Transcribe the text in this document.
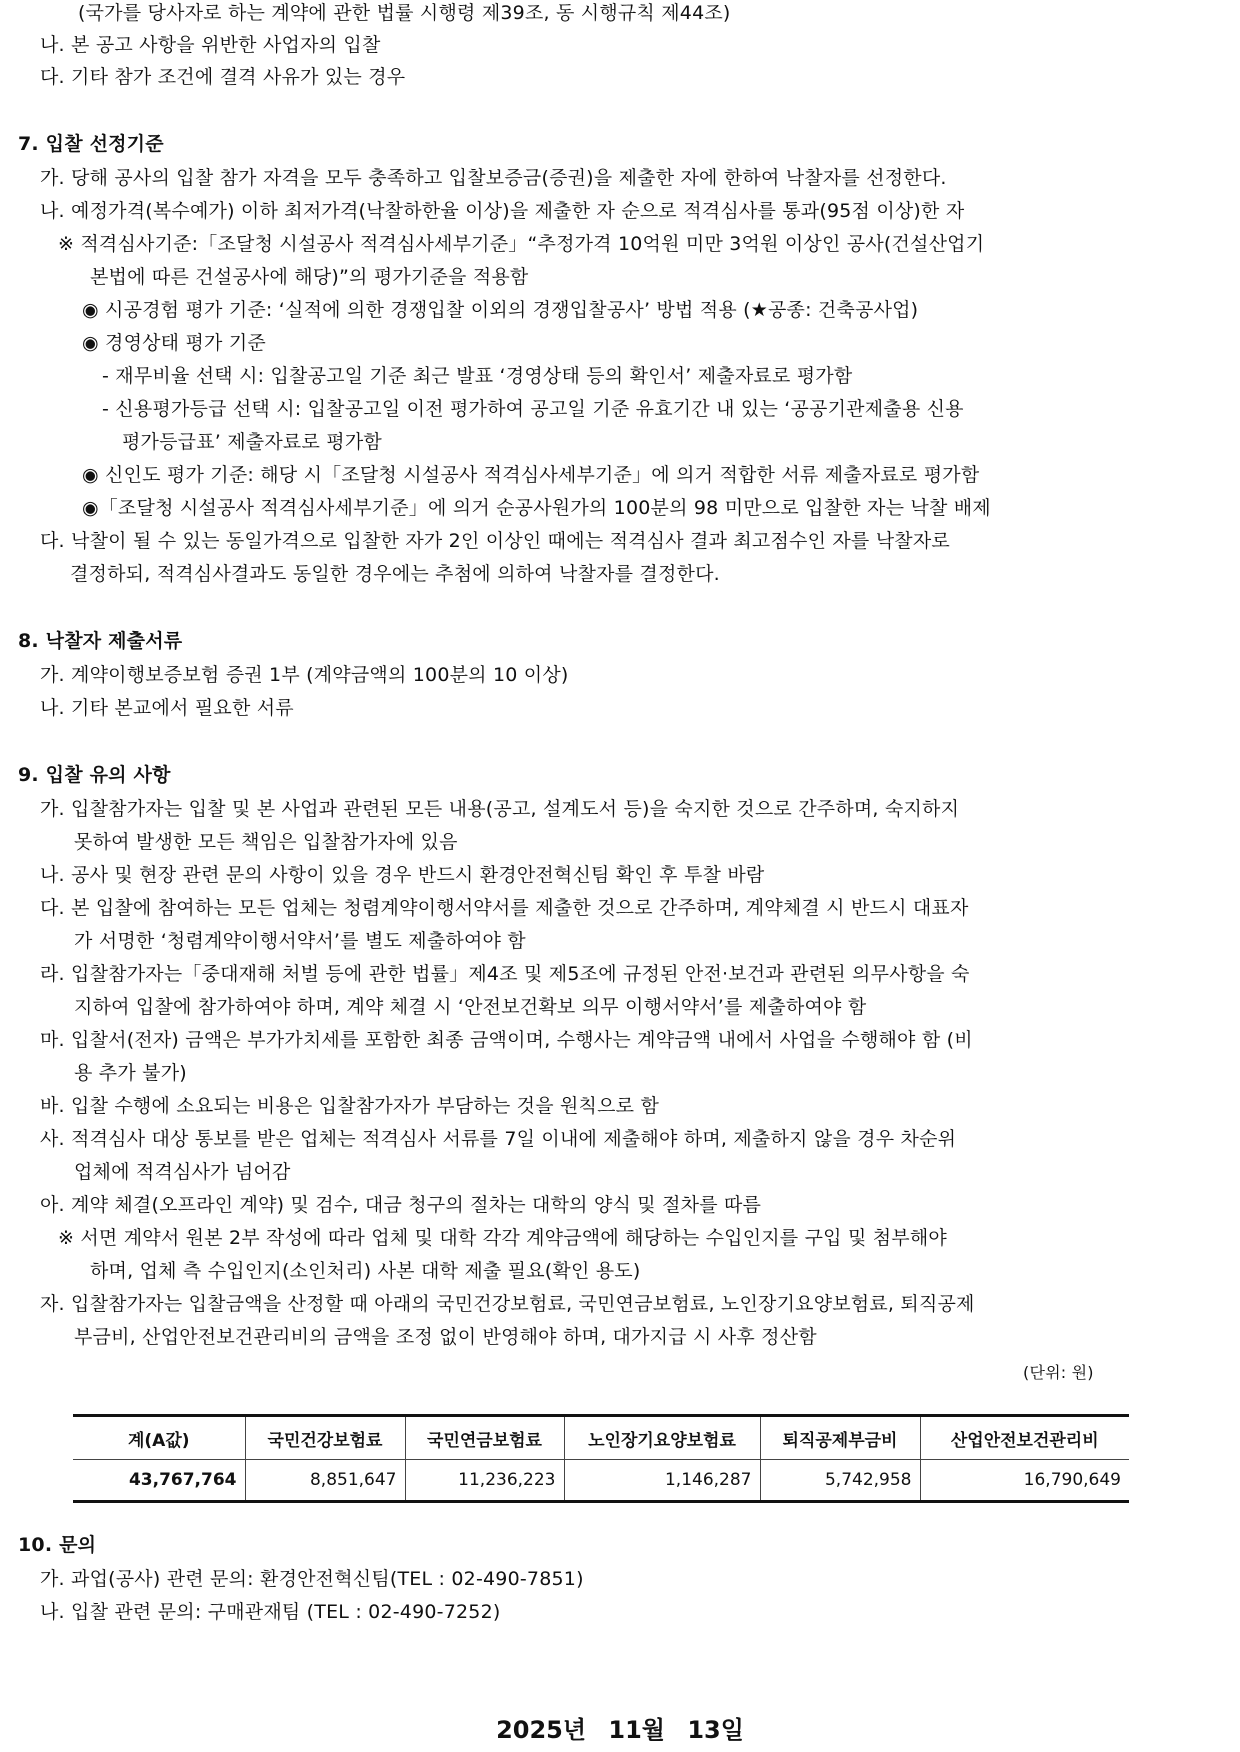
(국가를 당사자로 하는 계약에 관한 법률 시행령 제39조, 동 시행규칙 제44조)
나. 본 공고 사항을 위반한 사업자의 입찰
다. 기타 참가 조건에 결격 사유가 있는 경우
7. 입찰 선정기준
가. 당해 공사의 입찰 참가 자격을 모두 충족하고 입찰보증금(증권)을 제출한 자에 한하여 낙찰자를 선정한다.
나. 예정가격(복수예가) 이하 최저가격(낙찰하한율 이상)을 제출한 자 순으로 적격심사를 통과(95점 이상)한 자
※ 적격심사기준:「조달청 시설공사 적격심사세부기준」“추정가격 10억원 미만 3억원 이상인 공사(건설산업기
본법에 따른 건설공사에 해당)”의 평가기준을 적용함
◉ 시공경험 평가 기준: ‘실적에 의한 경쟁입찰 이외의 경쟁입찰공사’ 방법 적용 (★공종: 건축공사업)
◉ 경영상태 평가 기준
- 재무비율 선택 시: 입찰공고일 기준 최근 발표 ‘경영상태 등의 확인서’ 제출자료로 평가함
- 신용평가등급 선택 시: 입찰공고일 이전 평가하여 공고일 기준 유효기간 내 있는 ‘공공기관제출용 신용
평가등급표’ 제출자료로 평가함
◉ 신인도 평가 기준: 해당 시「조달청 시설공사 적격심사세부기준」에 의거 적합한 서류 제출자료로 평가함
◉「조달청 시설공사 적격심사세부기준」에 의거 순공사원가의 100분의 98 미만으로 입찰한 자는 낙찰 배제
다. 낙찰이 될 수 있는 동일가격으로 입찰한 자가 2인 이상인 때에는 적격심사 결과 최고점수인 자를 낙찰자로
결정하되, 적격심사결과도 동일한 경우에는 추첨에 의하여 낙찰자를 결정한다.
8. 낙찰자 제출서류
가. 계약이행보증보험 증권 1부 (계약금액의 100분의 10 이상)
나. 기타 본교에서 필요한 서류
9. 입찰 유의 사항
가. 입찰참가자는 입찰 및 본 사업과 관련된 모든 내용(공고, 설계도서 등)을 숙지한 것으로 간주하며, 숙지하지
못하여 발생한 모든 책임은 입찰참가자에 있음
나. 공사 및 현장 관련 문의 사항이 있을 경우 반드시 환경안전혁신팀 확인 후 투찰 바람
다. 본 입찰에 참여하는 모든 업체는 청렴계약이행서약서를 제출한 것으로 간주하며, 계약체결 시 반드시 대표자
가 서명한 ‘청렴계약이행서약서’를 별도 제출하여야 함
라. 입찰참가자는「중대재해 처벌 등에 관한 법률」제4조 및 제5조에 규정된 안전·보건과 관련된 의무사항을 숙
지하여 입찰에 참가하여야 하며, 계약 체결 시 ‘안전보건확보 의무 이행서약서’를 제출하여야 함
마. 입찰서(전자) 금액은 부가가치세를 포함한 최종 금액이며, 수행사는 계약금액 내에서 사업을 수행해야 함 (비
용 추가 불가)
바. 입찰 수행에 소요되는 비용은 입찰참가자가 부담하는 것을 원칙으로 함
사. 적격심사 대상 통보를 받은 업체는 적격심사 서류를 7일 이내에 제출해야 하며, 제출하지 않을 경우 차순위
업체에 적격심사가 넘어감
아. 계약 체결(오프라인 계약) 및 검수, 대금 청구의 절차는 대학의 양식 및 절차를 따름
※ 서면 계약서 원본 2부 작성에 따라 업체 및 대학 각각 계약금액에 해당하는 수입인지를 구입 및 첨부해야
하며, 업체 측 수입인지(소인처리) 사본 대학 제출 필요(확인 용도)
자. 입찰참가자는 입찰금액을 산정할 때 아래의 국민건강보험료, 국민연금보험료, 노인장기요양보험료, 퇴직공제
부금비, 산업안전보건관리비의 금액을 조정 없이 반영해야 하며, 대가지급 시 사후 정산함
(단위: 원)
10. 문의
가. 과업(공사) 관련 문의: 환경안전혁신팀(TEL : 02-490-7851)
나. 입찰 관련 문의: 구매관재팀 (TEL : 02-490-7252)
계(A값)	국민건강보험료	국민연금보험료	노인장기요양보험료	퇴직공제부금비	산업안전보건관리비
43,767,764	8,851,647	11,236,223	1,146,287	5,742,958	16,790,649
2025년 11월 13일
